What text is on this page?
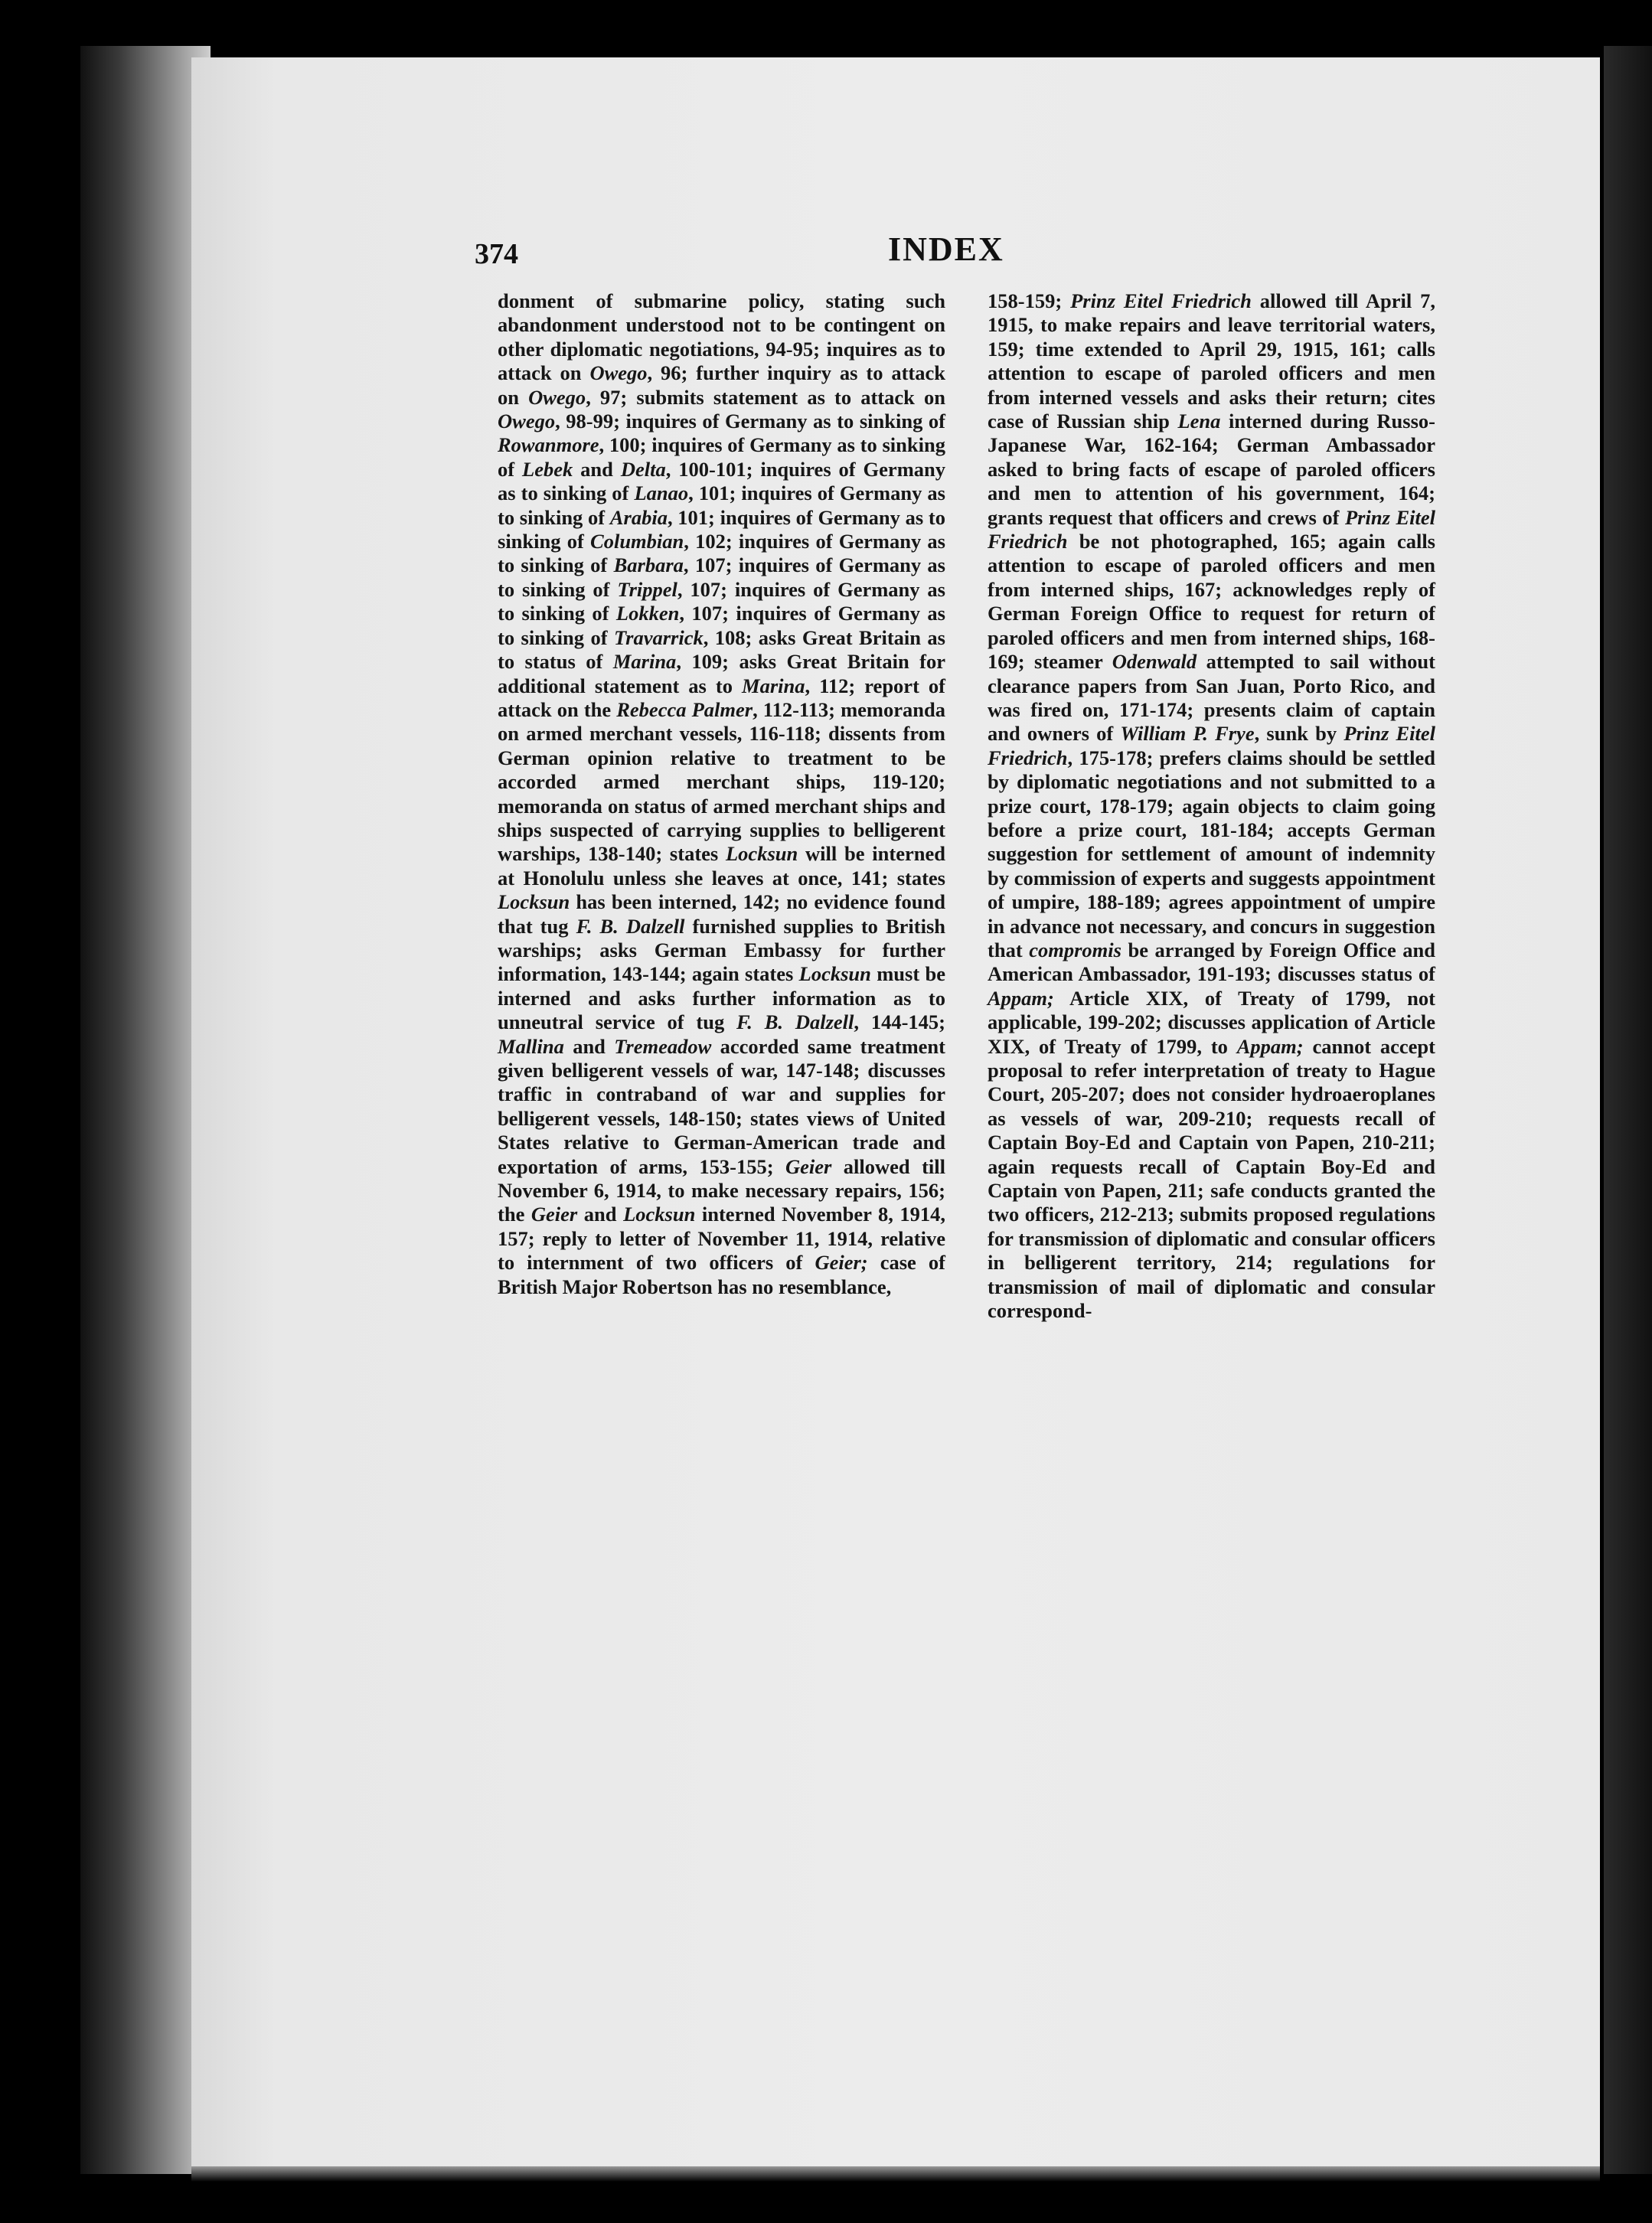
374	INDEX

donment of submarine policy, stating such abandonment understood not to be contingent on other diplomatic negotiations, 94-95; inquires as to attack on Owego, 96; further inquiry as to attack on Owego, 97; submits statement as to attack on Owego, 98-99; inquires of Germany as to sinking of Rowanmore, 100; inquires of Germany as to sinking of Lebek and Delta, 100-101; inquires of Germany as to sinking of Lanao, 101; inquires of Germany as to sinking of Arabia, 101; inquires of Germany as to sinking of Columbian, 102; inquires of Germany as to sinking of Barbara, 107; inquires of Germany as to sinking of Trippel, 107; inquires of Germany as to sinking of Lokken, 107; inquires of Germany as to sinking of Travarrick, 108; asks Great Britain as to status of Marina, 109; asks Great Britain for additional statement as to Marina, 112; report of attack on the Rebecca Palmer, 112-113; memoranda on armed merchant vessels, 116-118; dissents from German opinion relative to treatment to be accorded armed merchant ships, 119-120; memoranda on status of armed merchant ships and ships suspected of carrying supplies to belligerent warships, 138-140; states Locksun will be interned at Honolulu unless she leaves at once, 141; states Locksun has been interned, 142; no evidence found that tug F. B. Dalzell furnished supplies to British warships; asks German Embassy for further information, 143-144; again states Locksun must be interned and asks further information as to unneutral service of tug F. B. Dalzell, 144-145; Mallina and Tremeadow accorded same treatment given belligerent vessels of war, 147-148; discusses traffic in contraband of war and supplies for belligerent vessels, 148-150; states views of United States relative to German-American trade and exportation of arms, 153-155; Geier allowed till November 6, 1914, to make necessary repairs, 156; the Geier and Locksun interned November 8, 1914, 157; reply to letter of November 11, 1914, relative to internment of two officers of Geier; case of British Major Robertson has no resemblance,

158-159; Prinz Eitel Friedrich allowed till April 7, 1915, to make repairs and leave territorial waters, 159; time extended to April 29, 1915, 161; calls attention to escape of paroled officers and men from interned vessels and asks their return; cites case of Russian ship Lena interned during Russo-Japanese War, 162-164; German Ambassador asked to bring facts of escape of paroled officers and men to attention of his government, 164; grants request that officers and crews of Prinz Eitel Friedrich be not photographed, 165; again calls attention to escape of paroled officers and men from interned ships, 167; acknowledges reply of German Foreign Office to request for return of paroled officers and men from interned ships, 168-169; steamer Odenwald attempted to sail without clearance papers from San Juan, Porto Rico, and was fired on, 171-174; presents claim of captain and owners of William P. Frye, sunk by Prinz Eitel Friedrich, 175-178; prefers claims should be settled by diplomatic negotiations and not submitted to a prize court, 178-179; again objects to claim going before a prize court, 181-184; accepts German suggestion for settlement of amount of indemnity by commission of experts and suggests appointment of umpire, 188-189; agrees appointment of umpire in advance not necessary, and concurs in suggestion that compromis be arranged by Foreign Office and American Ambassador, 191-193; discusses status of Appam; Article XIX, of Treaty of 1799, not applicable, 199-202; discusses application of Article XIX, of Treaty of 1799, to Appam; cannot accept proposal to refer interpretation of treaty to Hague Court, 205-207; does not consider hydroaeroplanes as vessels of war, 209-210; requests recall of Captain Boy-Ed and Captain von Papen, 210-211; again requests recall of Captain Boy-Ed and Captain von Papen, 211; safe conducts granted the two officers, 212-213; submits proposed regulations for transmission of diplomatic and consular officers in belligerent territory, 214; regulations for transmission of mail of diplomatic and consular correspond-
